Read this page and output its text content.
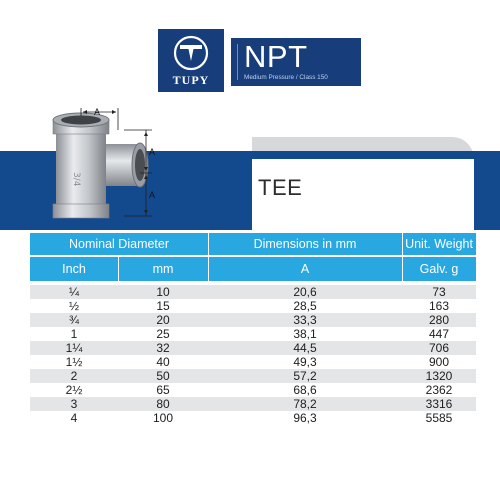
TUPY
NPT
Medium Pressure / Class 150
TEE
3/4
A
A
A
Nominal Diameter	Dimensions in mm	Unit. Weight
Inch	mm	A	Galv. g
¼	10	20,6	73
½	15	28,5	163
¾	20	33,3	280
1	25	38,1	447
1¼	32	44,5	706
1½	40	49,3	900
2	50	57,2	1320
2½	65	68,6	2362
3	80	78,2	3316
4	100	96,3	5585
